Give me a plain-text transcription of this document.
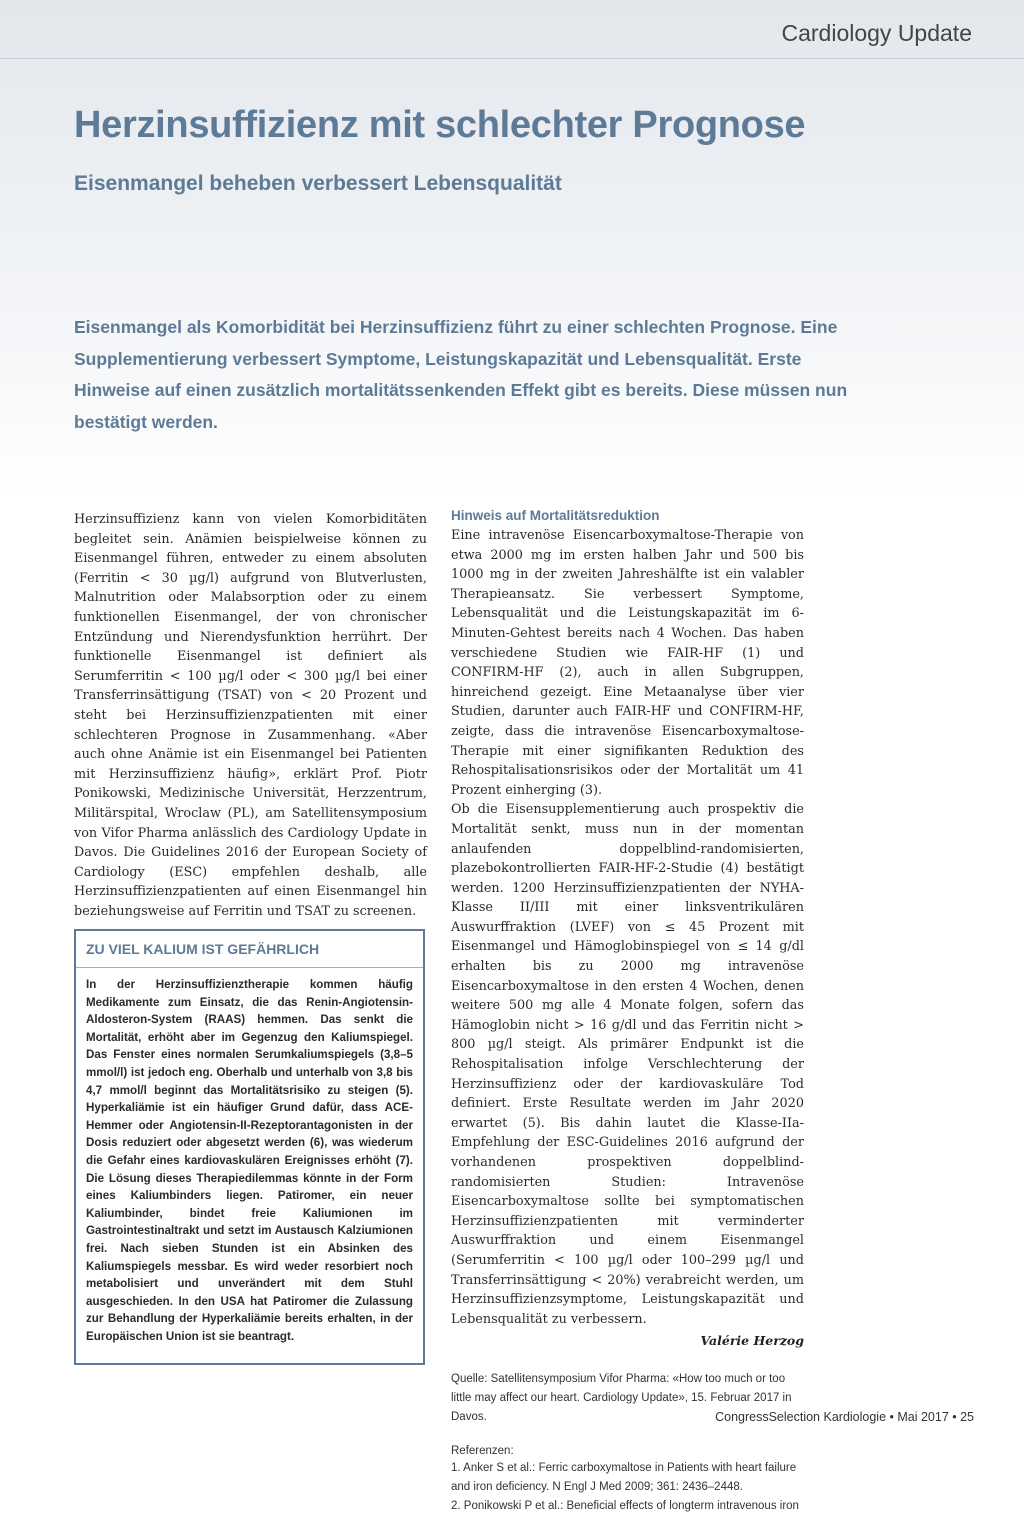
Cardiology Update
Herzinsuffizienz mit schlechter Prognose
Eisenmangel beheben verbessert Lebensqualität

Eisenmangel als Komorbidität bei Herzinsuffizienz führt zu einer schlechten Prognose. Eine Supplementierung verbessert Symptome, Leistungskapazität und Lebensqualität. Erste Hinweise auf einen zusätzlich mortalitätssenkenden Effekt gibt es bereits. Diese müssen nun bestätigt werden.

Herzinsuffizienz kann von vielen Komorbiditäten begleitet sein. Anämien beispielweise können zu Eisenmangel führen, entweder zu einem absoluten (Ferritin < 30 µg/l) aufgrund von Blutverlusten, Malnutrition oder Malabsorption oder zu einem funktionellen Eisenmangel, der von chronischer Entzündung und Nierendysfunktion herrührt. Der funktionelle Eisenmangel ist definiert als Serumferritin < 100 µg/l oder < 300 µg/l bei einer Transferrinsättigung (TSAT) von < 20 Prozent und steht bei Herzinsuffizienzpatienten mit einer schlechteren Prognose in Zusammenhang. «Aber auch ohne Anämie ist ein Eisenmangel bei Patienten mit Herzinsuffizienz häufig», erklärt Prof. Piotr Ponikowski, Medizinische Universität, Herzzentrum, Militärspital, Wroclaw (PL), am Satellitensymposium von Vifor Pharma anlässlich des Cardiology Update in Davos. Die Guidelines 2016 der European Society of Cardiology (ESC) empfehlen deshalb, alle Herzinsuffizienzpatienten auf einen Eisenmangel hin beziehungsweise auf Ferritin und TSAT zu screenen.

ZU VIEL KALIUM IST GEFÄHRLICH

In der Herzinsuffizienztherapie kommen häufig Medikamente zum Einsatz, die das Renin-Angiotensin-Aldosteron-System (RAAS) hemmen. Das senkt die Mortalität, erhöht aber im Gegenzug den Kaliumspiegel. Das Fenster eines normalen Serumkaliumspiegels (3,8–5 mmol/l) ist jedoch eng. Oberhalb und unterhalb von 3,8 bis 4,7 mmol/l beginnt das Mortalitätsrisiko zu steigen (5). Hyperkaliämie ist ein häufiger Grund dafür, dass ACE-Hemmer oder Angiotensin-II-Rezeptorantagonisten in der Dosis reduziert oder abgesetzt werden (6), was wiederum die Gefahr eines kardiovaskulären Ereignisses erhöht (7). Die Lösung dieses Therapiedilemmas könnte in der Form eines Kaliumbinders liegen. Patiromer, ein neuer Kaliumbinder, bindet freie Kaliumionen im Gastrointestinaltrakt und setzt im Austausch Kalziumionen frei. Nach sieben Stunden ist ein Absinken des Kaliumspiegels messbar. Es wird weder resorbiert noch metabolisiert und unverändert mit dem Stuhl ausgeschieden. In den USA hat Patiromer die Zulassung zur Behandlung der Hyperkaliämie bereits erhalten, in der Europäischen Union ist sie beantragt.

Hinweis auf Mortalitätsreduktion

Eine intravenöse Eisencarboxymaltose-Therapie von etwa 2000 mg im ersten halben Jahr und 500 bis 1000 mg in der zweiten Jahreshälfte ist ein valabler Therapieansatz. Sie verbessert Symptome, Lebensqualität und die Leistungskapazität im 6-Minuten-Gehtest bereits nach 4 Wochen. Das haben verschiedene Studien wie FAIR-HF (1) und CONFIRM-HF (2), auch in allen Subgruppen, hinreichend gezeigt. Eine Metaanalyse über vier Studien, darunter auch FAIR-HF und CONFIRM-HF, zeigte, dass die intravenöse Eisencarboxymaltose-Therapie mit einer signifikanten Reduktion des Rehospitalisationsrisikos oder der Mortalität um 41 Prozent einherging (3).

Ob die Eisensupplementierung auch prospektiv die Mortalität senkt, muss nun in der momentan anlaufenden doppelblind-randomisierten, plazebokontrollierten FAIR-HF-2-Studie (4) bestätigt werden. 1200 Herzinsuffizienzpatienten der NYHA-Klasse II/III mit einer linksventrikulären Auswurffraktion (LVEF) von ≤ 45 Prozent mit Eisenmangel und Hämoglobinspiegel von ≤ 14 g/dl erhalten bis zu 2000 mg intravenöse Eisencarboxymaltose in den ersten 4 Wochen, denen weitere 500 mg alle 4 Monate folgen, sofern das Hämoglobin nicht > 16 g/dl und das Ferritin nicht > 800 µg/l steigt. Als primärer Endpunkt ist die Rehospitalisation infolge Verschlechterung der Herzinsuffizienz oder der kardiovaskuläre Tod definiert. Erste Resultate werden im Jahr 2020 erwartet (5). Bis dahin lautet die Klasse-IIa-Empfehlung der ESC-Guidelines 2016 aufgrund der vorhandenen prospektiven doppelblind-randomisierten Studien: Intravenöse Eisencarboxymaltose sollte bei symptomatischen Herzinsuffizienzpatienten mit verminderter Auswurffraktion und einem Eisenmangel (Serumferritin < 100 µg/l oder 100–299 µg/l und Transferrinsättigung < 20%) verabreicht werden, um Herzinsuffizienzsymptome, Leistungskapazität und Lebensqualität zu verbessern.

Valérie Herzog

Quelle: Satellitensymposium Vifor Pharma: «How too much or too little may affect our heart. Cardiology Update», 15. Februar 2017 in Davos.

Referenzen:

1. Anker S et al.: Ferric carboxymaltose in Patients with heart failure and iron deficiency. N Engl J Med 2009; 361: 2436–2448.
2. Ponikowski P et al.: Beneficial effects of longterm intravenous iron
CongressSelection Kardiologie • Mai 2017 • 25
